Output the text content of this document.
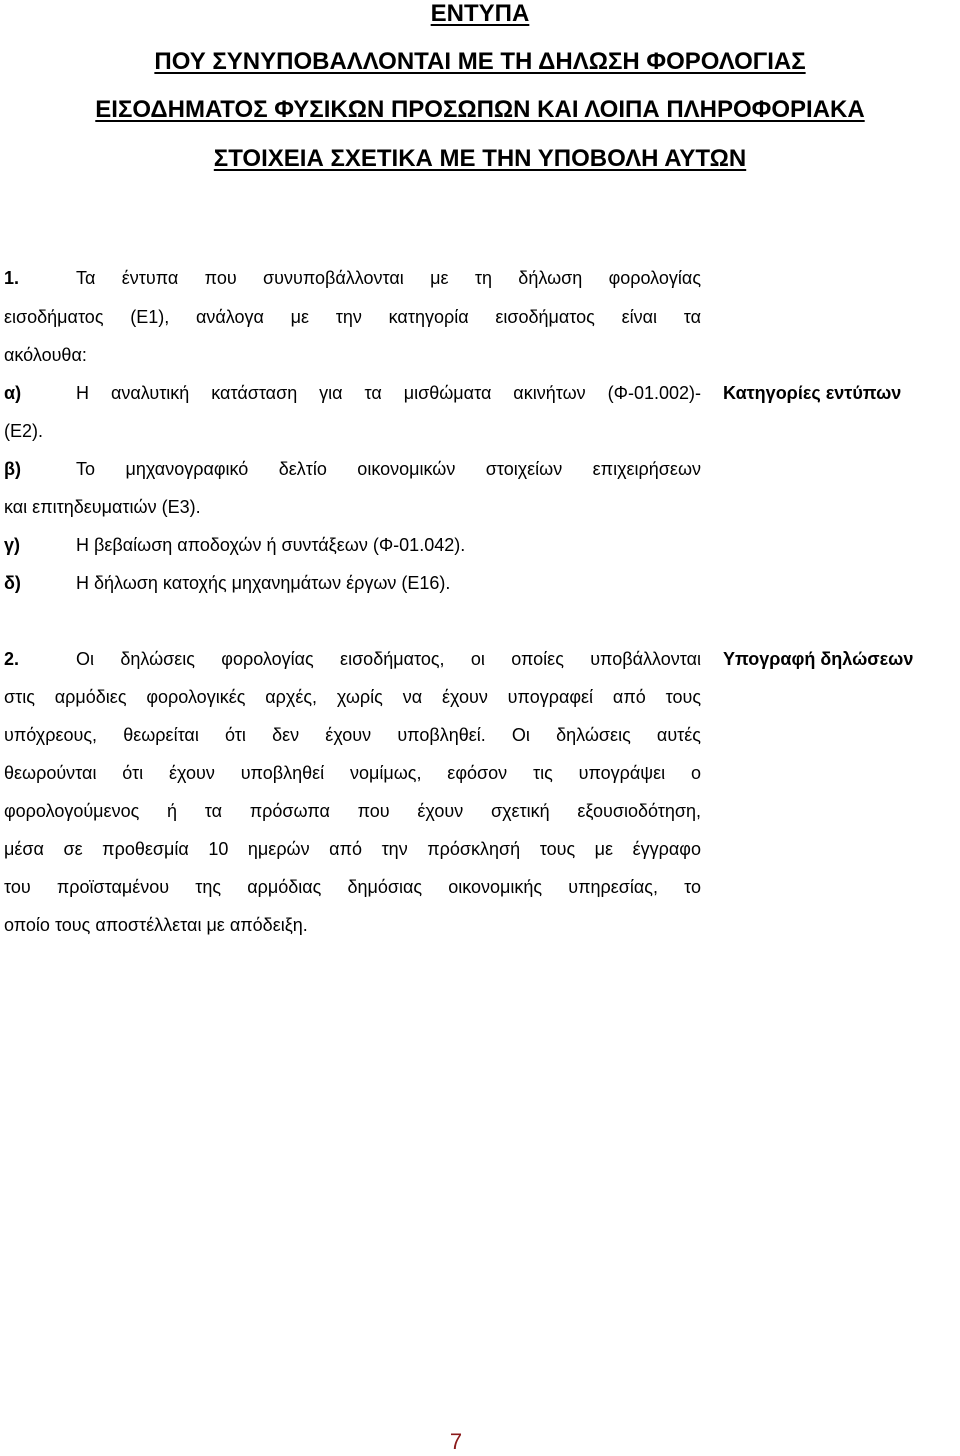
ΕΝΤΥΠΑ
ΠΟΥ ΣΥΝΥΠΟΒΑΛΛΟΝΤΑΙ ΜΕ ΤΗ ΔΗΛΩΣΗ ΦΟΡΟΛΟΓΙΑΣ
ΕΙΣΟΔΗΜΑΤΟΣ ΦΥΣΙΚΩΝ ΠΡΟΣΩΠΩΝ ΚΑΙ ΛΟΙΠΑ ΠΛΗΡΟΦΟΡΙΑΚΑ
ΣΤΟΙΧΕΙΑ ΣΧΕΤΙΚΑ ΜΕ ΤΗΝ ΥΠΟΒΟΛΗ ΑΥΤΩΝ
1.	Τα έντυπα που συνυποβάλλονται με τη δήλωση φορολογίας
εισοδήματος (Ε1), ανάλογα με την κατηγορία εισοδήματος είναι τα
ακόλουθα:
α)	Η αναλυτική κατάσταση για τα μισθώματα ακινήτων (Φ-01.002)-
(Ε2).
β)	Το μηχανογραφικό δελτίο οικονομικών στοιχείων επιχειρήσεων
και επιτηδευματιών (Ε3).
γ)	Η βεβαίωση αποδοχών ή συντάξεων (Φ-01.042).
δ)	Η δήλωση κατοχής μηχανημάτων έργων (Ε16).
Κατηγορίες εντύπων
2.	Οι δηλώσεις φορολογίας εισοδήματος, οι οποίες υποβάλλονται
στις αρμόδιες φορολογικές αρχές, χωρίς να έχουν υπογραφεί από τους
υπόχρεους, θεωρείται ότι δεν έχουν υποβληθεί. Οι δηλώσεις αυτές
θεωρούνται ότι έχουν υποβληθεί νομίμως, εφόσον τις υπογράψει ο
φορολογούμενος ή τα πρόσωπα που έχουν σχετική εξουσιοδότηση,
μέσα σε προθεσμία 10 ημερών από την πρόσκλησή τους με έγγραφο
του προϊσταμένου της αρμόδιας δημόσιας οικονομικής υπηρεσίας, το
οποίο τους αποστέλλεται με απόδειξη.
Υπογραφή δηλώσεων
7
